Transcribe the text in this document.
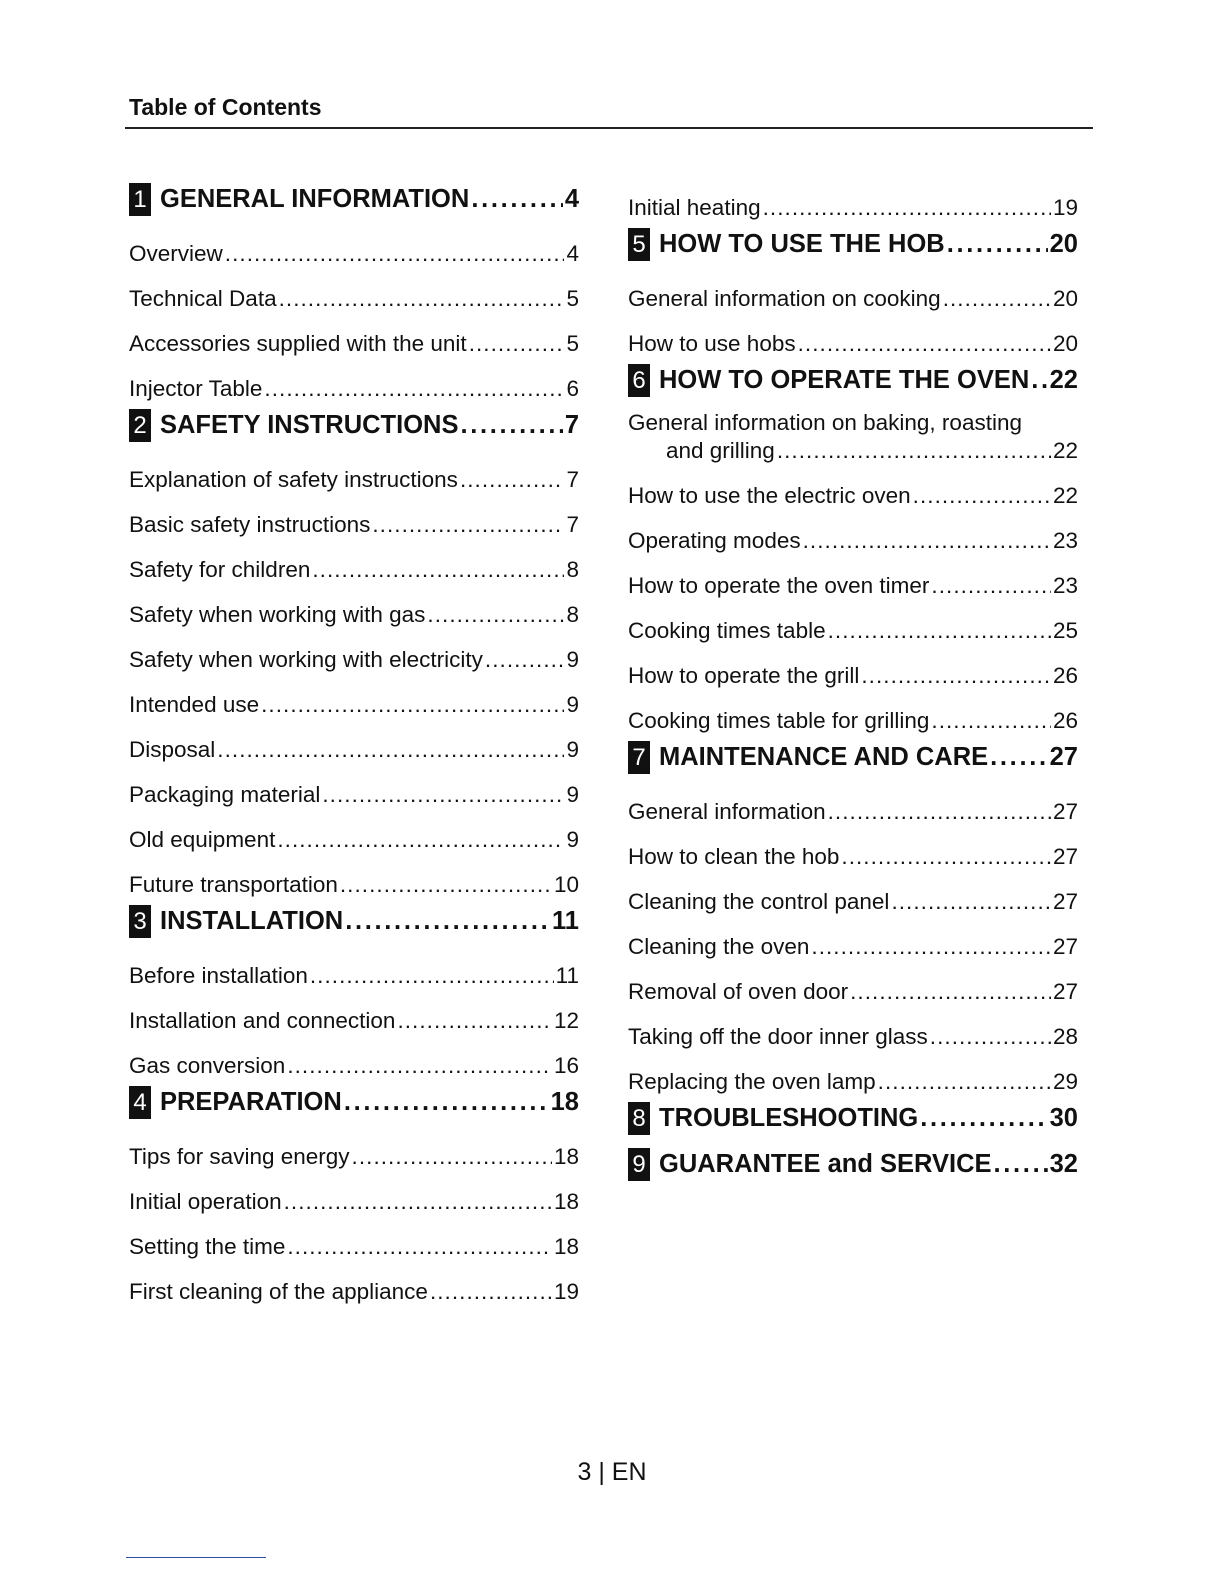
Table of Contents
1 GENERAL INFORMATION . . .	4
Overview . . .	4
Technical Data . . .	5
Accessories supplied with the unit . . .	5
Injector Table . . .	6
2 SAFETY INSTRUCTIONS . . .	7
Explanation of safety instructions . . .	7
Basic safety instructions . . .	7
Safety for children . . .	8
Safety when working with gas . . .	8
Safety when working with electricity . . .	9
Intended use . . .	9
Disposal . . .	9
Packaging material . . .	9
Old equipment . . .	9
Future transportation . . .	10
3 INSTALLATION . . .	11
Before installation . . .	11
Installation and connection . . .	12
Gas conversion . . .	16
4 PREPARATION . . .	18
Tips for saving energy . . .	18
Initial operation . . .	18
Setting the time . . .	18
First cleaning of the appliance . . .	19
Initial heating . . .	19
5 HOW TO USE THE HOB . . .	20
General information on cooking . . .	20
How to use hobs . . .	20
6 HOW TO OPERATE THE OVEN . . . 22
General information on baking, roasting
and grilling . . .	22
How to use the electric oven . . .	22
Operating modes . . .	23
How to operate the oven timer . . .	23
Cooking times table . . .	25
How to operate the grill . . .	26
Cooking times table for grilling . . .	26
7 MAINTENANCE AND CARE . . . 27
General information . . .	27
How to clean the hob . . .	27
Cleaning the control panel . . .	27
Cleaning the oven . . .	27
Removal of oven door . . .	27
Taking off the door inner glass . . .	28
Replacing the oven lamp . . .	29
8 TROUBLESHOOTING . . .	30
9 GUARANTEE and SERVICE . . . 32
3 | EN
